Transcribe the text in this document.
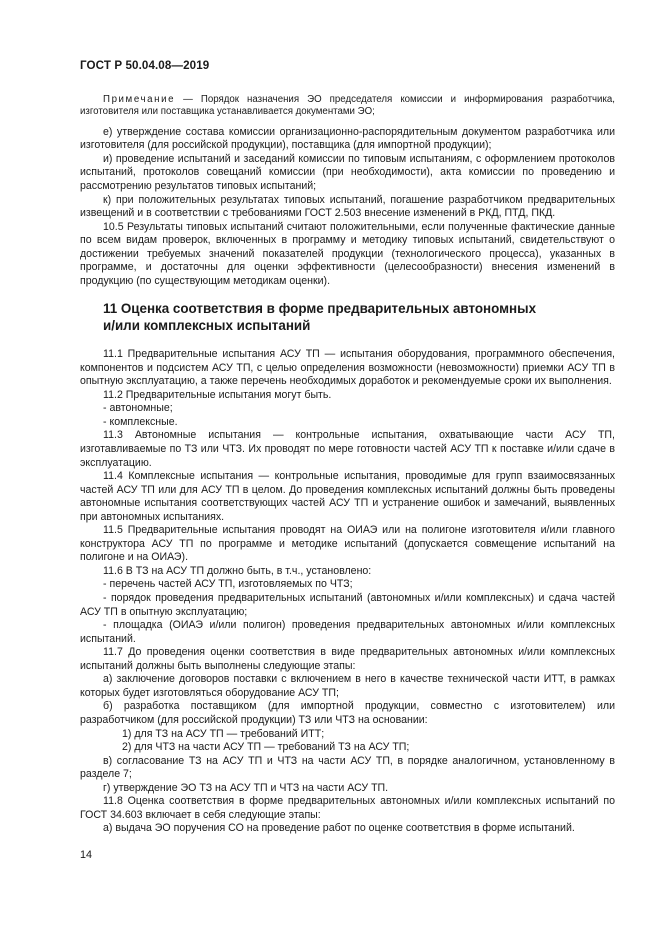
ГОСТ Р 50.04.08—2019

Примечание — Порядок назначения ЭО председателя комиссии и информирования разработчика, изготовителя или поставщика устанавливается документами ЭО;

е) утверждение состава комиссии организационно-распорядительным документом разработчика или изготовителя (для российской продукции), поставщика (для импортной продукции);

и) проведение испытаний и заседаний комиссии по типовым испытаниям, с оформлением протоколов испытаний, протоколов совещаний комиссии (при необходимости), акта комиссии по проведению и рассмотрению результатов типовых испытаний;

к) при положительных результатах типовых испытаний, погашение разработчиком предварительных извещений и в соответствии с требованиями ГОСТ 2.503 внесение изменений в РКД, ПТД, ПКД.

10.5 Результаты типовых испытаний считают положительными, если полученные фактические данные по всем видам проверок, включенных в программу и методику типовых испытаний, свидетельствуют о достижении требуемых значений показателей продукции (технологического процесса), указанных в программе, и достаточны для оценки эффективности (целесообразности) внесения изменений в продукцию (по существующим методикам оценки).

11 Оценка соответствия в форме предварительных автономных
и/или комплексных испытаний

11.1 Предварительные испытания АСУ ТП — испытания оборудования, программного обеспечения, компонентов и подсистем АСУ ТП, с целью определения возможности (невозможности) приемки АСУ ТП в опытную эксплуатацию, а также перечень необходимых доработок и рекомендуемые сроки их выполнения.

11.2 Предварительные испытания могут быть.

- автономные;

- комплексные.

11.3 Автономные испытания — контрольные испытания, охватывающие части АСУ ТП, изготавливаемые по ТЗ или ЧТЗ. Их проводят по мере готовности частей АСУ ТП к поставке и/или сдаче в эксплуатацию.

11.4 Комплексные испытания — контрольные испытания, проводимые для групп взаимосвязанных частей АСУ ТП или для АСУ ТП в целом. До проведения комплексных испытаний должны быть проведены автономные испытания соответствующих частей АСУ ТП и устранение ошибок и замечаний, выявленных при автономных испытаниях.

11.5 Предварительные испытания проводят на ОИАЭ или на полигоне изготовителя и/или главного конструктора АСУ ТП по программе и методике испытаний (допускается совмещение испытаний на полигоне и на ОИАЭ).

11.6 В ТЗ на АСУ ТП должно быть, в т.ч., установлено:

- перечень частей АСУ ТП, изготовляемых по ЧТЗ;

- порядок проведения предварительных испытаний (автономных и/или комплексных) и сдача частей АСУ ТП в опытную эксплуатацию;

- площадка (ОИАЭ и/или полигон) проведения предварительных автономных и/или комплексных испытаний.

11.7 До проведения оценки соответствия в виде предварительных автономных и/или комплексных испытаний должны быть выполнены следующие этапы:

а) заключение договоров поставки с включением в него в качестве технической части ИТТ, в рамках которых будет изготовляться оборудование АСУ ТП;

б) разработка поставщиком (для импортной продукции, совместно с изготовителем) или разработчиком (для российской продукции) ТЗ или ЧТЗ на основании:

1) для ТЗ на АСУ ТП — требований ИТТ;

2) для ЧТЗ на части АСУ ТП — требований ТЗ на АСУ ТП;

в) согласование ТЗ на АСУ ТП и ЧТЗ на части АСУ ТП, в порядке аналогичном, установленному в разделе 7;

г) утверждение ЭО ТЗ на АСУ ТП и ЧТЗ на части АСУ ТП.

11.8 Оценка соответствия в форме предварительных автономных и/или комплексных испытаний по ГОСТ 34.603 включает в себя следующие этапы:

а) выдача ЭО поручения СО на проведение работ по оценке соответствия в форме испытаний.

14
